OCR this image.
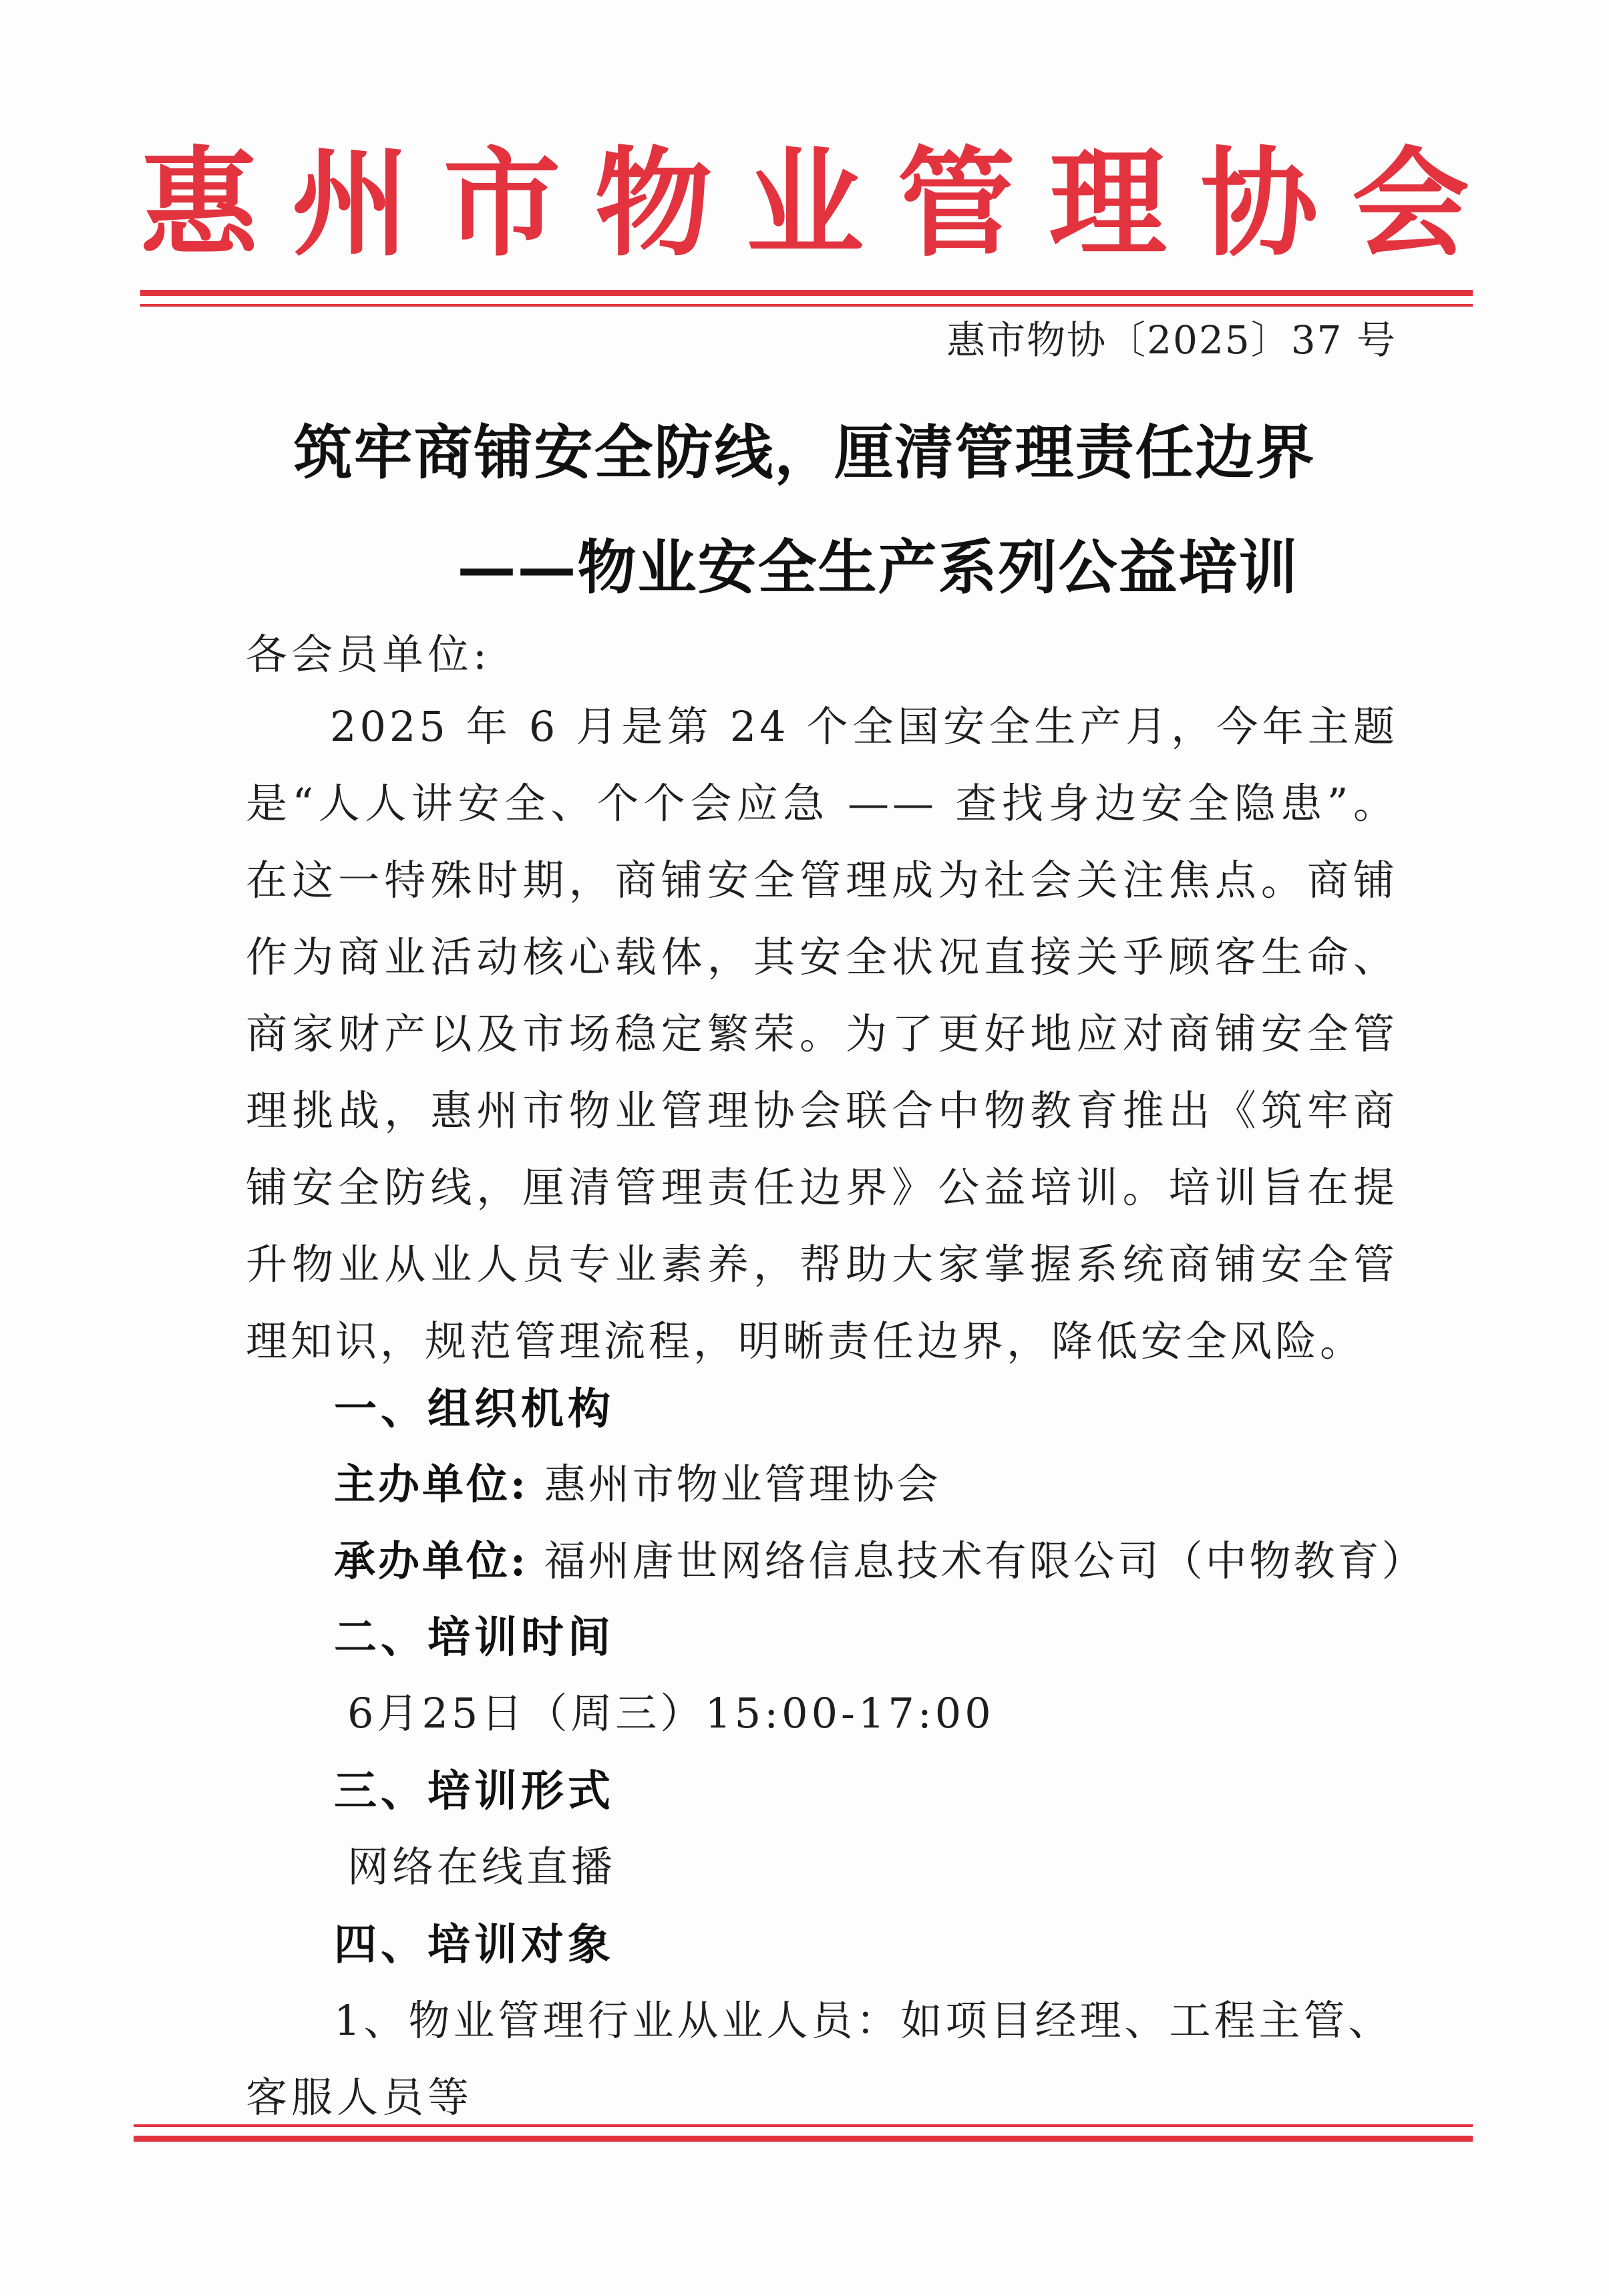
惠 州 市 物 业 管 理 协 会
惠市物协〔2025〕37 号
筑牢商铺安全防线，厘清管理责任边界
——物业安全生产系列公益培训
各会员单位:
2025 年 6 月是第 24 个全国安全生产月，今年主题是“人人讲安全、个个会应急 —— 查找身边安全隐患”。在这一特殊时期，商铺安全管理成为社会关注焦点。商铺作为商业活动核心载体，其安全状况直接关乎顾客生命、商家财产以及市场稳定繁荣。为了更好地应对商铺安全管理挑战，惠州市物业管理协会联合中物教育推出《筑牢商铺安全防线，厘清管理责任边界》公益培训。培训旨在提升物业从业人员专业素养，帮助大家掌握系统商铺安全管理知识，规范管理流程，明晰责任边界，降低安全风险。
一、组织机构
主办单位: 惠州市物业管理协会
承办单位: 福州唐世网络信息技术有限公司（中物教育）
二、培训时间
6月25日（周三）15:00-17:00
三、培训形式
网络在线直播
四、培训对象
1、物业管理行业从业人员：如项目经理、工程主管、
客服人员等
